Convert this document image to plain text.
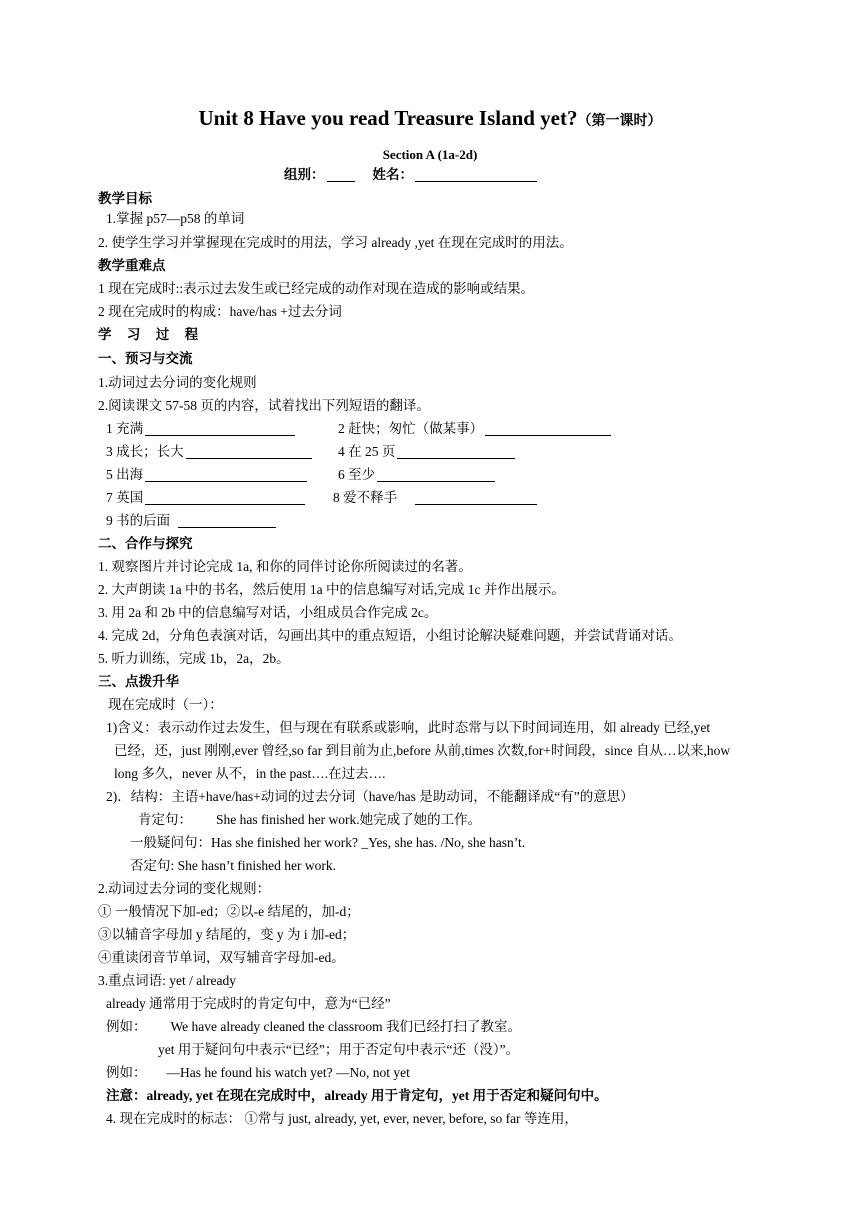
Unit 8 Have you read Treasure Island yet?（第一课时）
Section A (1a-2d)
组别：	姓名：
教学目标
1.掌握 p57—p58 的单词
2. 使学生学习并掌握现在完成时的用法，学习 already ,yet 在现在完成时的用法。
教学重难点
1 现在完成时::表示过去发生或已经完成的动作对现在造成的影响或结果。
2 现在完成时的构成：have/has +过去分词
学 习 过 程
一、预习与交流
1.动词过去分词的变化规则
2.阅读课文 57-58 页的内容，试着找出下列短语的翻译。
1 充满	2 赶快；匆忙（做某事）
3 成长；长大	4 在 25 页
5 出海	6 至少
7 英国	8 爱不释手
9 书的后面
二、合作与探究
1. 观察图片并讨论完成 1a, 和你的同伴讨论你所阅读过的名著。
2. 大声朗读 1a 中的书名，然后使用 1a 中的信息编写对话,完成 1c 并作出展示。
3. 用 2a 和 2b 中的信息编写对话，小组成员合作完成 2c。
4. 完成 2d，分角色表演对话，勾画出其中的重点短语，小组讨论解决疑难问题，并尝试背诵对话。
5. 听力训练，完成 1b，2a，2b。
三、点拨升华
现在完成时（一）：
1)含义：表示动作过去发生，但与现在有联系或影响，此时态常与以下时间词连用，如 already 已经,yet
已经，还，just 刚刚,ever 曾经,so far 到目前为止,before 从前,times 次数,for+时间段，since 自从…以来,how
long 多久，never 从不，in the past….在过去….
2)．结构：主语+have/has+动词的过去分词（have/has 是助动词，不能翻译成“有”的意思）
肯定句： She has finished her work.她完成了她的工作。
一般疑问句：Has she finished her work? _Yes, she has. /No, she hasn’t.
否定句: She hasn’t finished her work.
2.动词过去分词的变化规则：
① 一般情况下加-ed；②以-e 结尾的，加-d；
③以辅音字母加 y 结尾的，变 y 为 i 加-ed；
④重读闭音节单词，双写辅音字母加-ed。
3.重点词语: yet / already
already 通常用于完成时的肯定句中，意为“已经”
例如： We have already cleaned the classroom 我们已经打扫了教室。
yet 用于疑问句中表示“已经”；用于否定句中表示“还（没）”。
例如： —Has he found his watch yet? —No, not yet
注意：already, yet 在现在完成时中，already 用于肯定句，yet 用于否定和疑问句中。
4. 现在完成时的标志： ①常与 just, already, yet, ever, never, before, so far 等连用，
